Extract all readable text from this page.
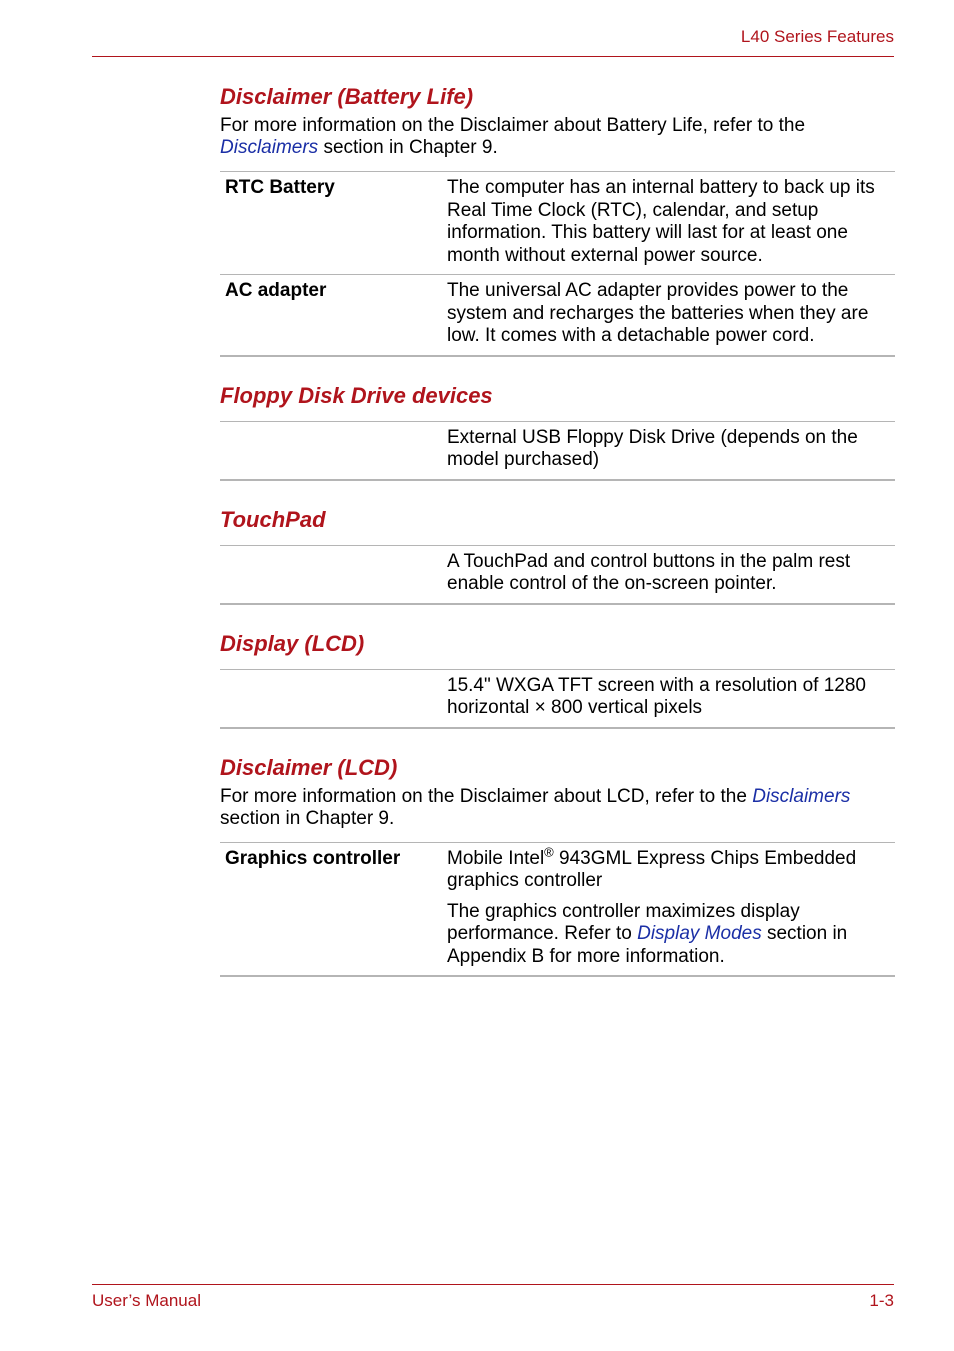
L40 Series Features
Disclaimer (Battery Life)

For more information on the Disclaimer about Battery Life, refer to the Disclaimers section in Chapter 9.

RTC Battery	The computer has an internal battery to back up its Real Time Clock (RTC), calendar, and setup information. This battery will last for at least one month without external power source.
AC adapter	The universal AC adapter provides power to the system and recharges the batteries when they are low. It comes with a detachable power cord.
Floppy Disk Drive devices
	External USB Floppy Disk Drive (depends on the model purchased)
TouchPad
	A TouchPad and control buttons in the palm rest enable control of the on-screen pointer.
Display (LCD)
	15.4" WXGA TFT screen with a resolution of 1280 horizontal × 800 vertical pixels
Disclaimer (LCD)

For more information on the Disclaimer about LCD, refer to the Disclaimers section in Chapter 9.

Graphics controller	Mobile Intel® 943GML Express Chips Embedded graphics controller

The graphics controller maximizes display performance. Refer to Display Modes section in Appendix B for more information.

User’s Manual	1-3
